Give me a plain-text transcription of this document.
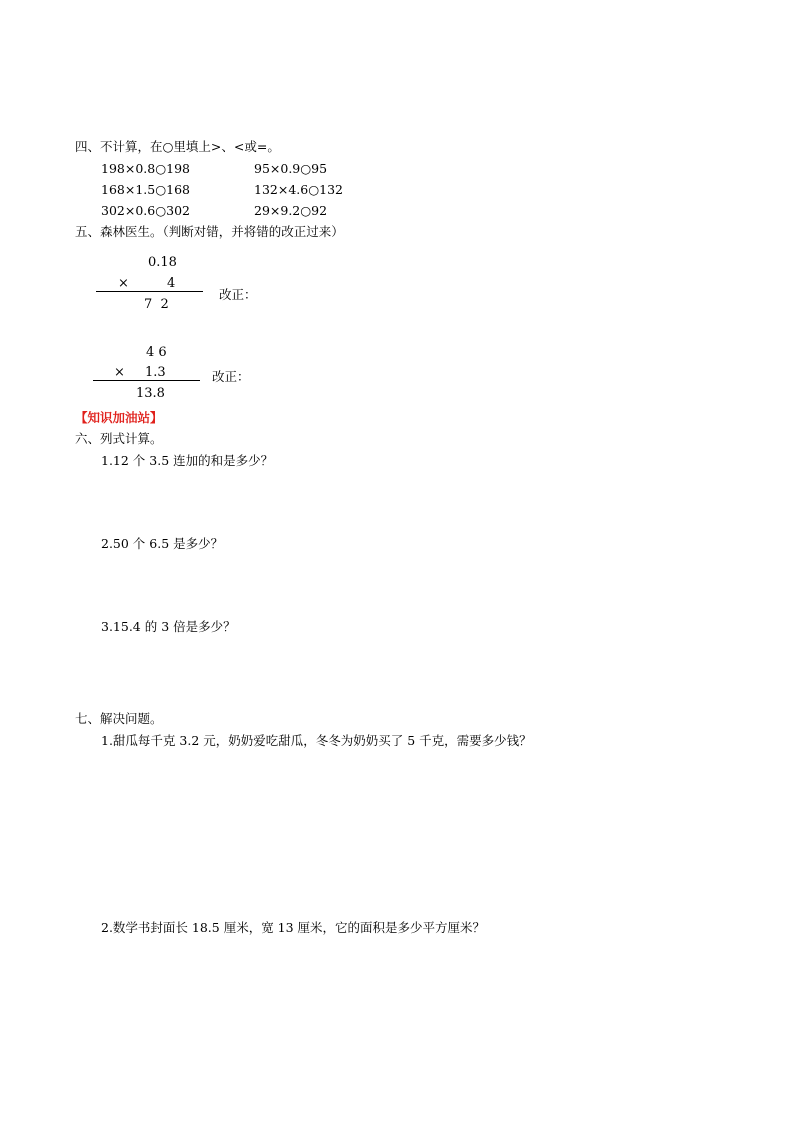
四、不计算，在○里填上>、<或=。
198×0.8○198	95×0.9○95
168×1.5○168	132×4.6○132
302×0.6○302	29×9.2○92
五、森林医生。（判断对错，并将错的改正过来）
0.18
×	4
7  2
改正：
4 6
× 1.3
13.8
改正：
【知识加油站】
六、列式计算。
1.12 个 3.5 连加的和是多少？
2.50 个 6.5 是多少？
3.15.4 的 3 倍是多少？
七、解决问题。
1.甜瓜每千克 3.2 元，奶奶爱吃甜瓜，冬冬为奶奶买了 5 千克，需要多少钱？
2.数学书封面长 18.5 厘米，宽 13 厘米，它的面积是多少平方厘米？
